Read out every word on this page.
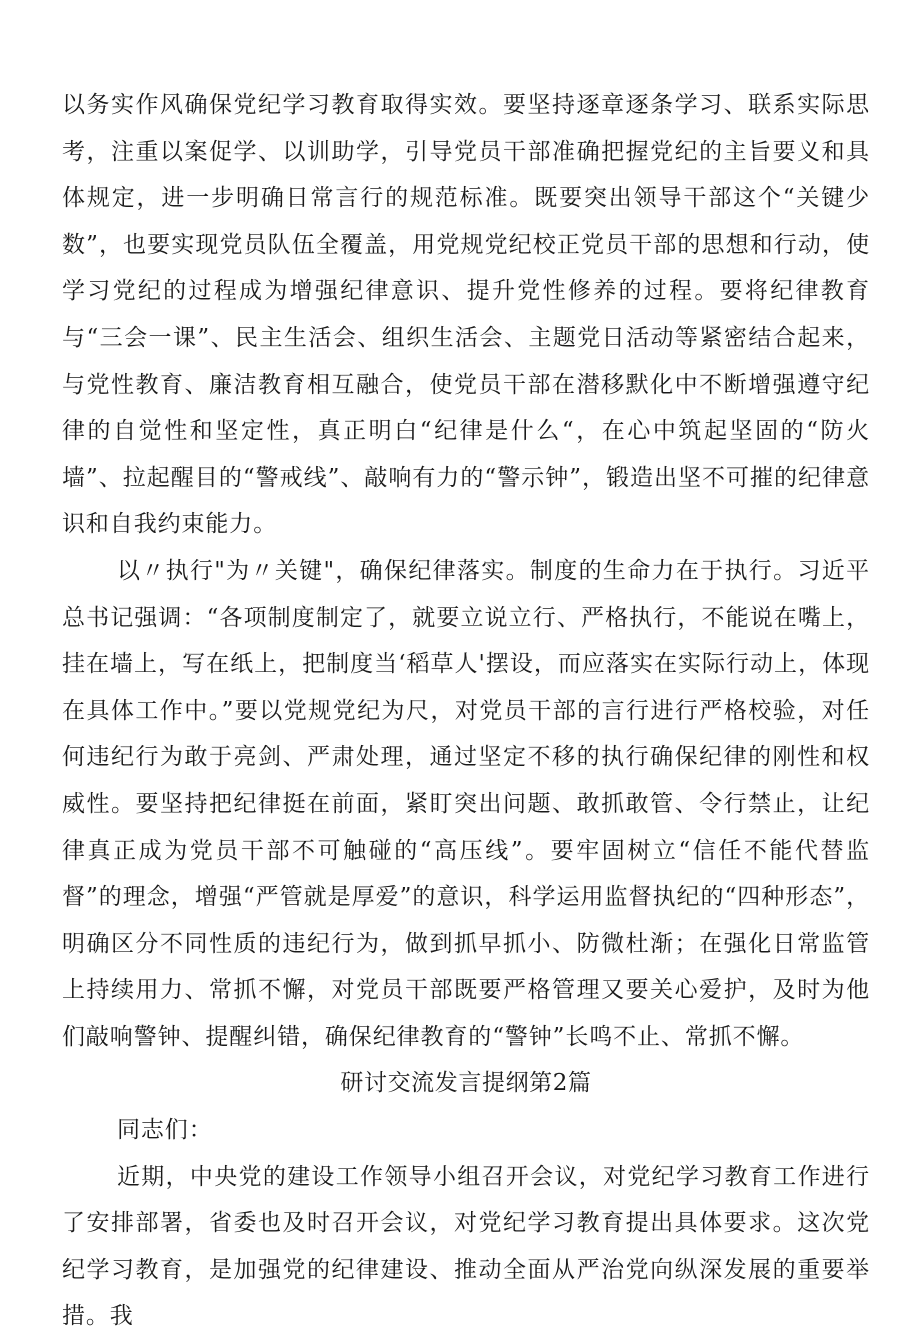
以务实作风确保党纪学习教育取得实效。要坚持逐章逐条学习、联系实际思考，注重以案促学、以训助学，引导党员干部准确把握党纪的主旨要义和具体规定，进一步明确日常言行的规范标准。既要突出领导干部这个“关键少数”，也要实现党员队伍全覆盖，用党规党纪校正党员干部的思想和行动，使学习党纪的过程成为增强纪律意识、提升党性修养的过程。要将纪律教育与“三会一课”、民主生活会、组织生活会、主题党日活动等紧密结合起来，与党性教育、廉洁教育相互融合，使党员干部在潜移默化中不断增强遵守纪律的自觉性和坚定性，真正明白“纪律是什么“，在心中筑起坚固的“防火墙”、拉起醒目的“警戒线”、敲响有力的“警示钟”，锻造出坚不可摧的纪律意识和自我约束能力。

以〃执行"为〃关键"，确保纪律落实。制度的生命力在于执行。习近平总书记强调：“各项制度制定了，就要立说立行、严格执行，不能说在嘴上，挂在墙上，写在纸上，把制度当‘稻草人'摆设，而应落实在实际行动上，体现在具体工作中。”要以党规党纪为尺，对党员干部的言行进行严格校验，对任何违纪行为敢于亮剑、严肃处理，通过坚定不移的执行确保纪律的刚性和权威性。要坚持把纪律挺在前面，紧盯突出问题、敢抓敢管、令行禁止，让纪律真正成为党员干部不可触碰的“高压线”。要牢固树立“信任不能代替监督”的理念，增强“严管就是厚爱”的意识，科学运用监督执纪的“四种形态”，明确区分不同性质的违纪行为，做到抓早抓小、防微杜渐；在强化日常监管上持续用力、常抓不懈，对党员干部既要严格管理又要关心爱护，及时为他们敲响警钟、提醒纠错，确保纪律教育的“警钟”长鸣不止、常抓不懈。

研讨交流发言提纲第2篇

同志们：

近期，中央党的建设工作领导小组召开会议，对党纪学习教育工作进行了安排部署，省委也及时召开会议，对党纪学习教育提出具体要求。这次党纪学习教育，是加强党的纪律建设、推动全面从严治党向纵深发展的重要举措。我
